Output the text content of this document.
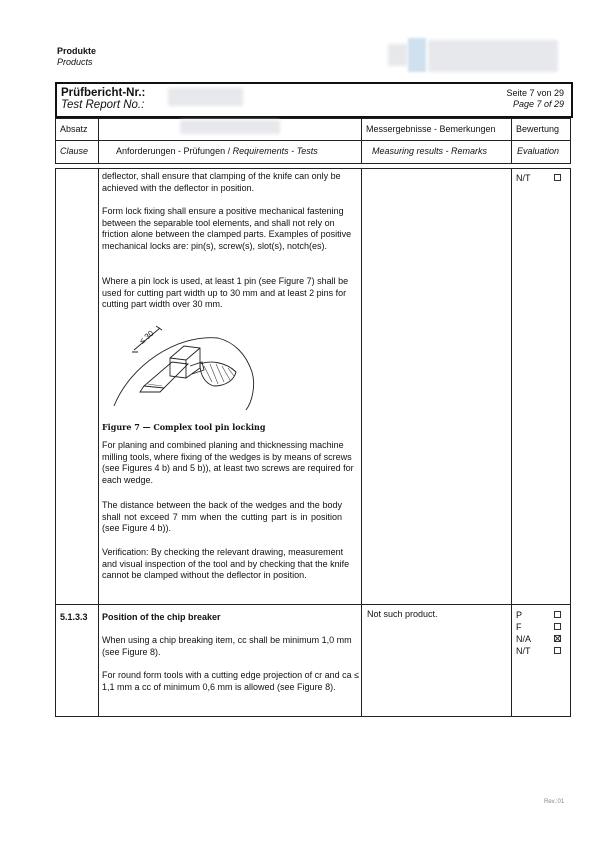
Produkte
Products
Prüfbericht-Nr.:
Test Report No.:
Seite 7 von 29
Page 7 of 29
Absatz
Clause	Anforderungen - Prüfungen / Requirements - Tests
Messergebnisse - Bemerkungen
Measuring results - Remarks
Bewertung
Evaluation
deflector, shall ensure that clamping of the knife can only be achieved with the deflector in position.
Form lock fixing shall ensure a positive mechanical fastening between the separable tool elements, and shall not rely on friction alone between the clamped parts. Examples of positive mechanical locks are: pin(s), screw(s), slot(s), notch(es).
Where a pin lock is used, at least 1 pin (see Figure 7) shall be used for cutting part width up to 30 mm and at least 2 pins for cutting part width over 30 mm.
≤ 30
Figure 7 — Complex tool pin locking
For planing and combined planing and thicknessing machine milling tools, where fixing of the wedges is by means of screws (see Figures 4 b) and 5 b)), at least two screws are required for each wedge.
The distance between the back of the wedges and the body shall not exceed 7 mm when the cutting part is in position (see Figure 4 b)).
Verification: By checking the relevant drawing, measurement and visual inspection of the tool and by checking that the knife cannot be clamped without the deflector in position.
N/T
5.1.3.3 Position of the chip breaker
When using a chip breaking item, cc shall be minimum 1,0 mm (see Figure 8).
For round form tools with a cutting edge projection of cr and ca ≤ 1,1 mm a cc of minimum 0,6 mm is allowed (see Figure 8).
Not such product.	P
F
N/A
N/T
Rev.:01
